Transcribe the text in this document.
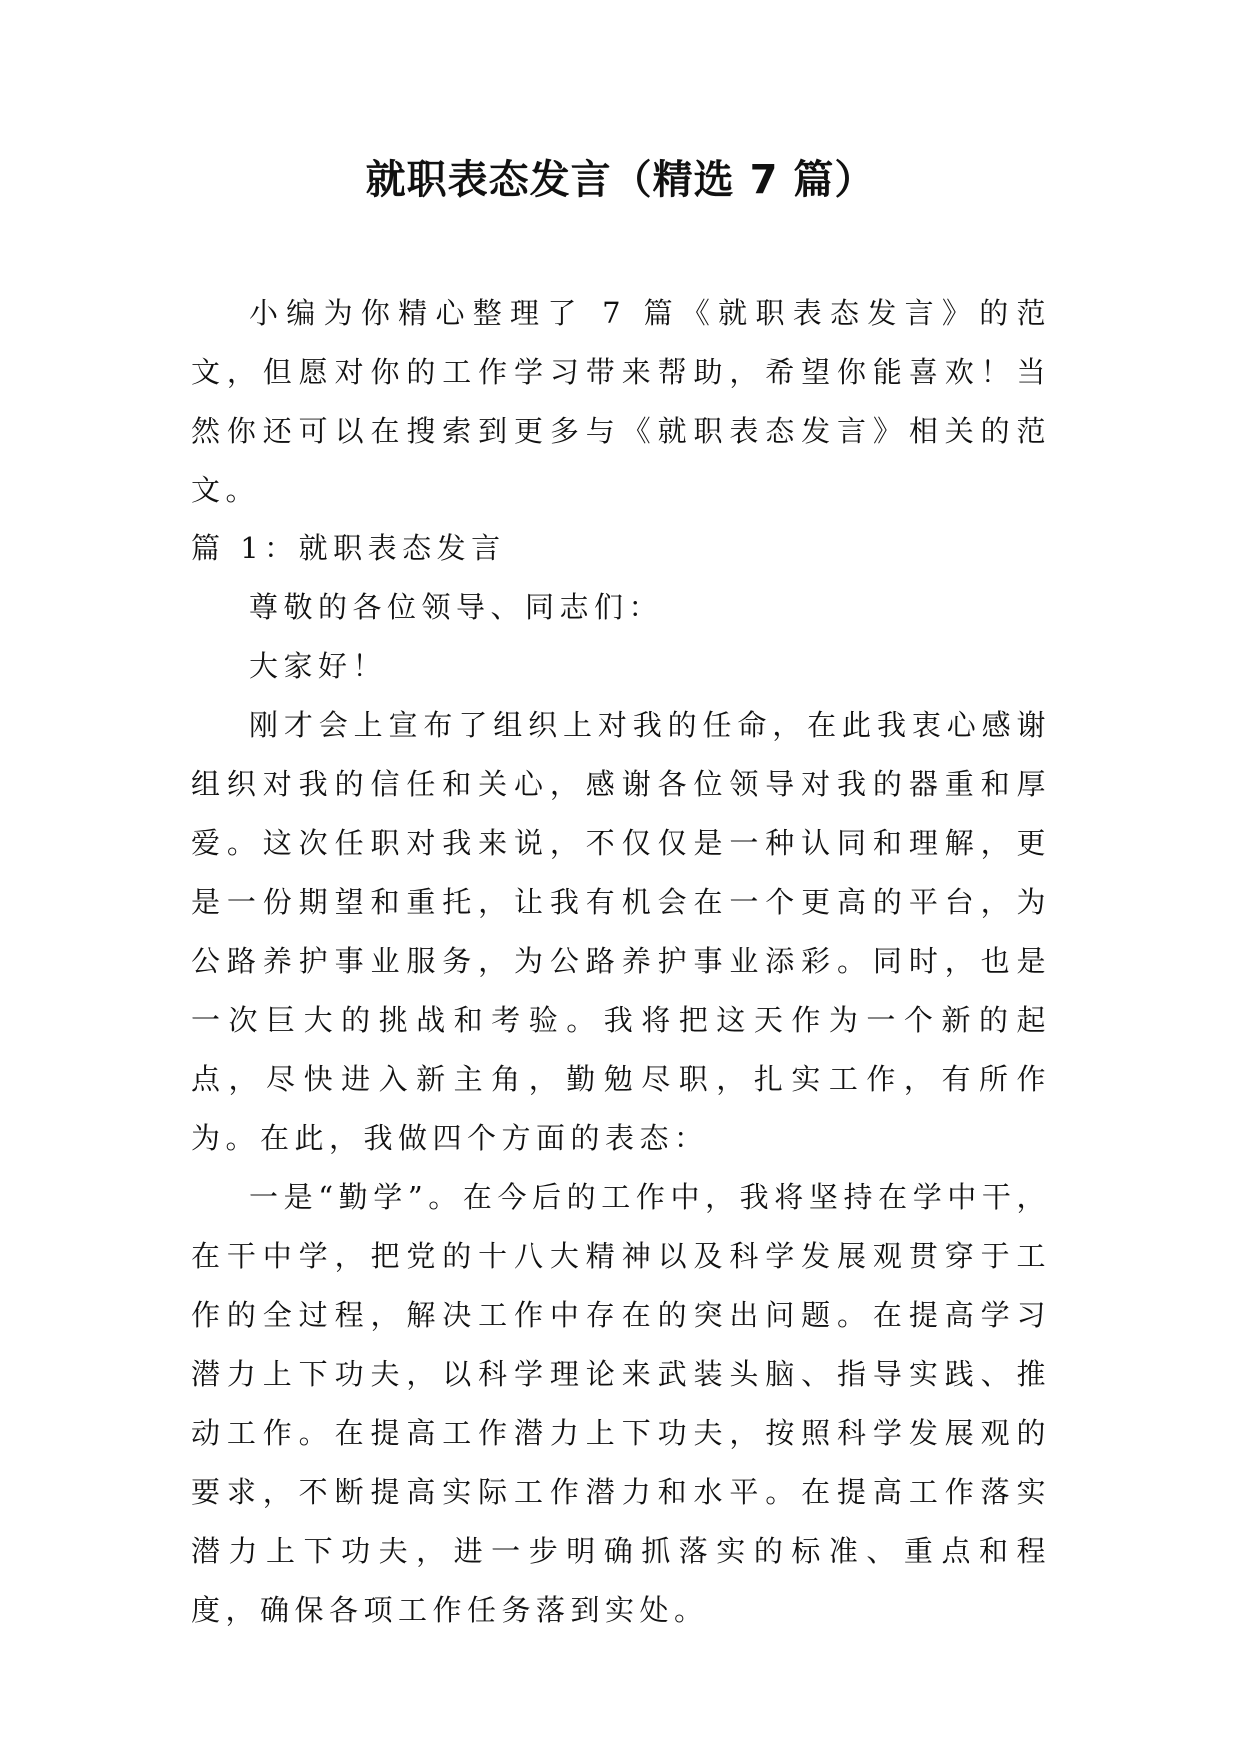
就职表态发言（精选 7 篇）

小编为你精心整理了 7 篇《就职表态发言》的范文，但愿对你的工作学习带来帮助，希望你能喜欢！当然你还可以在搜索到更多与《就职表态发言》相关的范文。

篇 1：就职表态发言

尊敬的各位领导、同志们：

大家好！

刚才会上宣布了组织上对我的任命，在此我衷心感谢组织对我的信任和关心，感谢各位领导对我的器重和厚爱。这次任职对我来说，不仅仅是一种认同和理解，更是一份期望和重托，让我有机会在一个更高的平台，为公路养护事业服务，为公路养护事业添彩。同时，也是一次巨大的挑战和考验。我将把这天作为一个新的起点，尽快进入新主角，勤勉尽职，扎实工作，有所作为。在此，我做四个方面的表态：

一是“勤学”。在今后的工作中，我将坚持在学中干，在干中学，把党的十八大精神以及科学发展观贯穿于工作的全过程，解决工作中存在的突出问题。在提高学习潜力上下功夫，以科学理论来武装头脑、指导实践、推动工作。在提高工作潜力上下功夫，按照科学发展观的要求，不断提高实际工作潜力和水平。在提高工作落实潜力上下功夫，进一步明确抓落实的标准、重点和程度，确保各项工作任务落到实处。
